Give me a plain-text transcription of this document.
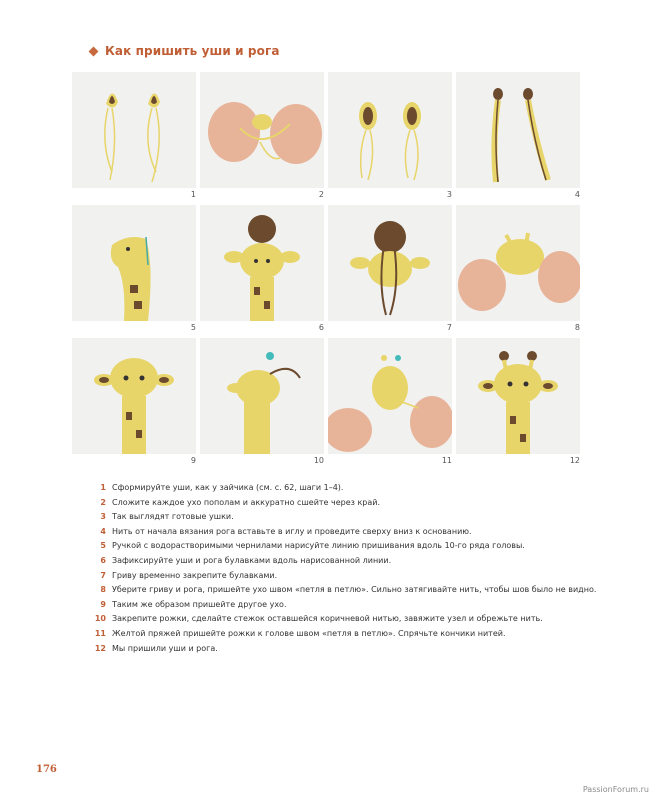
Как пришить уши и рога
1	2	3	4
5	6	7	8
9	10	11	12
1 Сформируйте уши, как у зайчика (см. с. 62, шаги 1–4).
2 Сложите каждое ухо пополам и аккуратно сшейте через край.
3 Так выглядят готовые ушки.
4 Нить от начала вязания рога вставьте в иглу и проведите сверху вниз к основанию.
5 Ручкой с водорастворимыми чернилами нарисуйте линию пришивания вдоль 10-го ряда головы.
6 Зафиксируйте уши и рога булавками вдоль нарисованной линии.
7 Гриву временно закрепите булавками.
8 Уберите гриву и рога, пришейте ухо швом «петля в петлю». Сильно затягивайте нить, чтобы шов было не видно.
9 Таким же образом пришейте другое ухо.
10 Закрепите рожки, сделайте стежок оставшейся коричневой нитью, завяжите узел и обрежьте нить.
11 Желтой пряжей пришейте рожки к голове швом «петля в петлю». Спрячьте кончики нитей.
12 Мы пришили уши и рога.
176
PassionForum.ru
